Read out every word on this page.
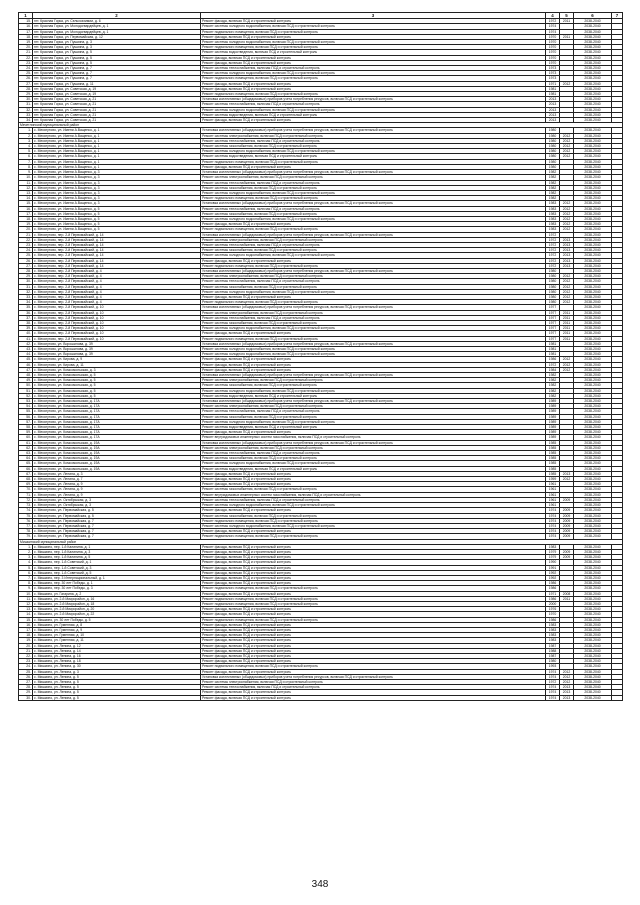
1	2	3	4	5	6	7
15.	пгт. Красная Горка, ул. Сельхозхимии, д. 6	Ремонт фасада, включая ПСД и строительный контроль	1972	2011	2038-2040	
16.	пгт. Красная Горка, ул. Молодогвардейцев, д. 1	Ремонт системы холодного водоснабжения, включая ПСД и строительный контроль	1974		2038-2040	
17.	пгт. Красная Горка, ул. Молодогвардейцев, д. 1	Ремонт подвального помещения, включая ПСД и строительный контроль	1974		2038-2040	
18.	пгт. Красная Горка, ул. Первомайская, д. 12	Ремонт фасада, включая ПСД и строительный контроль	1970	2011	2038-2040	
19.	пгт. Красная Горка, ул. Пушкина, д. 3	Ремонт системы холодного водоснабжения, включая ПСД и строительный контроль	1970		2038-2040	
20.	пгт. Красная Горка, ул. Пушкина, д. 3	Ремонт подвального помещения, включая ПСД и строительный контроль	1970		2038-2040	
21.	пгт. Красная Горка, ул. Пушкина, д. 5	Ремонт системы водоотведения, включая ПСД и строительный контроль	1970		2038-2040	
22.	пгт. Красная Горка, ул. Пушкина, д. 5	Ремонт фасада, включая ПСД и строительный контроль	1970		2038-2040	
23.	пгт. Красная Горка, ул. Пушкина, д. 5	Ремонт фасада, включая ПСД и строительный контроль	1970		2038-2040	
24.	пгт. Красная Горка, ул. Пушкина, д. 7	Ремонт системы теплоснабжения, включая ПСД и строительный контроль	1973		2038-2040	
25.	пгт. Красная Горка, ул. Пушкина, д. 7	Ремонт системы холодного водоснабжения, включая ПСД и строительный контроль	1973		2038-2040	
26.	пгт. Красная Горка, ул. Пушкина, д. 7	Ремонт подвального помещения, включая ПСД и строительный контроль	1973		2038-2040	
27.	пгт. Красная Горка, ул. Пушкина, д. 11	Ремонт фасада, включая ПСД и строительный контроль	1971	2012	2038-2040	
28.	пгт. Красная Горка, ул. Советская, д. 19	Ремонт фасада, включая ПСД и строительный контроль	1981		2038-2040	
29.	пгт. Красная Горка, ул. Советская, д. 19	Ремонт подвального помещения, включая ПСД и строительный контроль	1981		2038-2040	
30.	пгт. Красная Горка, ул. Советская, д. 21	Установка коллективных (общедомовых) приборов учета потребления ресурсов, включая ПСД и строительный контроль	2013		2038-2040	
31.	пгт. Красная Горка, ул. Советская, д. 21	Ремонт системы теплоснабжения, включая ПСД и строительный контроль	2013		2038-2040	
32.	пгт. Красная Горка, ул. Советская, д. 21	Ремонт системы холодного водоснабжения, включая ПСД и строительный контроль	2013		2038-2040	
33.	пгт. Красная Горка, ул. Советская, д. 21	Ремонт системы водоотведения, включая ПСД и строительный контроль	2013		2038-2040	
34.	пгт. Красная Горка, ул. Советская, д. 21	Ремонт фасада, включая ПСД и строительный контроль	2013		2038-2040	
Мечетлинский муниципальный район						
1.	с. Месягутово, ул. Имени А.Ващенко, д. 1	Установка коллективных (общедомовых) приборов учета потребления ресурсов, включая ПСД и строительный контроль	1980		2038-2040	
2.	с. Месягутово, ул. Имени А.Ващенко, д. 1	Ремонт системы электроснабжения, включая ПСД и строительный контроль	1980	2012	2038-2040	
3.	с. Месягутово, ул. Имени А.Ващенко, д. 1	Ремонт системы теплоснабжения, включая ПСД и строительный контроль	1980	2012	2038-2040	
4.	с. Месягутово, ул. Имени А.Ващенко, д. 1	Ремонт системы газоснабжения, включая ПСД и строительный контроль	1980	2012	2038-2040	
5.	с. Месягутово, ул. Имени А.Ващенко, д. 1	Ремонт системы холодного водоснабжения, включая ПСД и строительный контроль	1980	2012	2038-2040	
6.	с. Месягутово, ул. Имени А.Ващенко, д. 1	Ремонт системы водоотведения, включая ПСД и строительный контроль	1980	2012	2038-2040	
7.	с. Месягутово, ул. Имени А.Ващенко, д. 1	Ремонт подвального помещения, включая ПСД и строительный контроль	1980		2038-2040	
8.	с. Месягутово, ул. Имени А.Ващенко, д. 1	Ремонт фасада, включая ПСД и строительный контроль	1980		2038-2040	
9.	с. Месягутово, ул. Имени А.Ващенко, д. 3	Установка коллективных (общедомовых) приборов учета потребления ресурсов, включая ПСД и строительный контроль	1982		2038-2040	
10.	с. Месягутово, ул. Имени А.Ващенко, д. 3	Ремонт системы электроснабжения, включая ПСД и строительный контроль	1982		2038-2040	
11.	с. Месягутово, ул. Имени А.Ващенко, д. 3	Ремонт системы теплоснабжения, включая ПСД и строительный контроль	1982		2038-2040	
12.	с. Месягутово, ул. Имени А.Ващенко, д. 3	Ремонт системы газоснабжения, включая ПСД и строительный контроль	1982		2038-2040	
13.	с. Месягутово, ул. Имени А.Ващенко, д. 3	Ремонт системы холодного водоснабжения, включая ПСД и строительный контроль	1982		2038-2040	
14.	с. Месягутово, ул. Имени А.Ващенко, д. 3	Ремонт подвального помещения, включая ПСД и строительный контроль	1982		2038-2040	
15.	с. Месягутово, ул. Имени А.Ващенко, д. 3	Установка коллективных (общедомовых) приборов учета потребления ресурсов, включая ПСД и строительный контроль	1983	2012	2038-2040	
16.	с. Месягутово, ул. Имени А.Ващенко, д. 5	Ремонт системы теплоснабжения, включая ПСД и строительный контроль	1983	2012	2038-2040	
17.	с. Месягутово, ул. Имени А.Ващенко, д. 5	Ремонт системы газоснабжения, включая ПСД и строительный контроль	1983	2012	2038-2040	
18.	с. Месягутово, ул. Имени А.Ващенко, д. 5	Ремонт системы холодного водоснабжения, включая ПСД и строительный контроль	1983	2012	2038-2040	
19.	с. Месягутово, ул. Имени А.Ващенко, д. 5	Ремонт фасада, включая ПСД и строительный контроль	1983	2012	2038-2040	
20.	с. Месягутово, ул. Имени А.Ващенко, д. 5	Ремонт подвального помещения, включая ПСД и строительный контроль	1983	2012	2038-2040	
21.	с. Месягутово, пер. 2-й Первомайский, д. 14	Установка коллективных (общедомовых) приборов учета потребления ресурсов, включая ПСД и строительный контроль	1972		2038-2040	
22.	с. Месягутово, пер. 2-й Первомайский, д. 14	Ремонт системы электроснабжения, включая ПСД и строительный контроль	1972	2013	2038-2040	
23.	с. Месягутово, пер. 2-й Первомайский, д. 14	Ремонт системы теплоснабжения, включая ПСД и строительный контроль	1972	2013	2038-2040	
24.	с. Месягутово, пер. 2-й Первомайский, д. 14	Ремонт системы газоснабжения, включая ПСД и строительный контроль	1972	2013	2038-2040	
25.	с. Месягутово, пер. 2-й Первомайский, д. 14	Ремонт системы холодного водоснабжения, включая ПСД и строительный контроль	1972	2013	2038-2040	
26.	с. Месягутово, пер. 2-й Первомайский, д. 14	Ремонт фасада, включая ПСД и строительный контроль	1972	2013	2038-2040	
27.	с. Месягутово, пер. 2-й Первомайский, д. 14	Ремонт подвального помещения, включая ПСД и строительный контроль	1972	2013	2038-2040	
28.	с. Месягутово, пер. 2-й Первомайский, д. 4	Установка коллективных (общедомовых) приборов учета потребления ресурсов, включая ПСД и строительный контроль	1980		2038-2040	
29.	с. Месягутово, пер. 2-й Первомайский, д. 4	Ремонт системы электроснабжения, включая ПСД и строительный контроль	1980	2012	2038-2040	
30.	с. Месягутово, пер. 2-й Первомайский, д. 4	Ремонт системы теплоснабжения, включая ПСД и строительный контроль	1980	2012	2038-2040	
31.	с. Месягутово, пер. 2-й Первомайский, д. 4	Ремонт системы газоснабжения, включая ПСД и строительный контроль	1980	2012	2038-2040	
32.	с. Месягутово, пер. 2-й Первомайский, д. 4	Ремонт системы холодного водоснабжения, включая ПСД и строительный контроль	1980	2012	2038-2040	
33.	с. Месягутово, пер. 2-й Первомайский, д. 4	Ремонт фасада, включая ПСД и строительный контроль	1980	2012	2038-2040	
34.	с. Месягутово, пер. 2-й Первомайский, д. 4	Ремонт подвального помещения, включая ПСД и строительный контроль	1980	2012	2038-2040	
35.	с. Месягутово, пер. 2-й Первомайский, д. 10	Установка коллективных (общедомовых) приборов учета потребления ресурсов, включая ПСД и строительный контроль	1977		2038-2040	
36.	с. Месягутово, пер. 2-й Первомайский, д. 10	Ремонт системы электроснабжения, включая ПСД и строительный контроль	1977	2011	2038-2040	
37.	с. Месягутово, пер. 2-й Первомайский, д. 10	Ремонт системы теплоснабжения, включая ПСД и строительный контроль	1977	2011	2038-2040	
38.	с. Месягутово, пер. 2-й Первомайский, д. 10	Ремонт системы газоснабжения, включая ПСД и строительный контроль	1977	2011	2038-2040	
39.	с. Месягутово, пер. 2-й Первомайский, д. 10	Ремонт системы холодного водоснабжения, включая ПСД и строительный контроль	1977	2011	2038-2040	
40.	с. Месягутово, пер. 2-й Первомайский, д. 10	Ремонт фасада, включая ПСД и строительный контроль	1977	2011	2038-2040	
41.	с. Месягутово, пер. 2-й Первомайский, д. 10	Ремонт подвального помещения, включая ПСД и строительный контроль	1977	2011	2038-2040	
42.	с. Месягутово, ул. Ворошилова, д. 39	Установка коллективных (общедомовых) приборов учета потребления ресурсов, включая ПСД и строительный контроль	1981		2038-2040	
43.	с. Месягутово, ул. Ворошилова, д. 39	Ремонт системы холодного водоснабжения, включая ПСД и строительный контроль	1981		2038-2040	
44.	с. Месягутово, ул. Ворошилова, д. 39	Ремонт системы холодного водоснабжения, включая ПСД и строительный контроль	1981		2038-2040	
45.	с. Месягутово, ул. Кирова, д. 9	Ремонт фасада, включая ПСД и строительный контроль	1986	2012	2038-2040	
46.	с. Месягутово, ул. Кирова, д. 11	Ремонт фасада, включая ПСД и строительный контроль	1972	2012	2038-2040	
47.	с. Месягутово, ул. Комсомольская, д. 3	Ремонт фасада, включая ПСД и строительный контроль	1984	2012	2038-2040	
48.	с. Месягутово, ул. Комсомольская, д. 5	Установка коллективных (общедомовых) приборов учета потребления ресурсов, включая ПСД и строительный контроль	1982		2038-2040	
49.	с. Месягутово, ул. Комсомольская, д. 5	Ремонт системы электроснабжения, включая ПСД и строительный контроль	1982		2038-2040	
50.	с. Месягутово, ул. Комсомольская, д. 5	Ремонт системы газоснабжения, включая ПСД и строительный контроль	1982		2038-2040	
51.	с. Месягутово, ул. Комсомольская, д. 5	Ремонт системы холодного водоснабжения, включая ПСД и строительный контроль	1982		2038-2040	
52.	с. Месягутово, ул. Комсомольская, д. 5	Ремонт системы водоотведения, включая ПСД и строительный контроль	1982		2038-2040	
53.	с. Месягутово, ул. Комсомольская, д. 17А	Установка коллективных (общедомовых) приборов учета потребления ресурсов, включая ПСД и строительный контроль	1989		2038-2040	
54.	с. Месягутово, ул. Комсомольская, д. 17А	Ремонт системы электроснабжения, включая ПСД и строительный контроль	1989		2038-2040	
55.	с. Месягутово, ул. Комсомольская, д. 17А	Ремонт системы теплоснабжения, включая ПСД и строительный контроль	1989		2038-2040	
56.	с. Месягутово, ул. Комсомольская, д. 17А	Ремонт системы газоснабжения, включая ПСД и строительный контроль	1989		2038-2040	
57.	с. Месягутово, ул. Комсомольская, д. 17А	Ремонт системы холодного водоснабжения, включая ПСД и строительный контроль	1989		2038-2040	
58.	с. Месягутово, ул. Комсомольская, д. 17А	Ремонт системы водоотведения, включая ПСД и строительный контроль	1989		2038-2040	
59.	с. Месягутово, ул. Комсомольская, д. 17А	Ремонт фасада, включая ПСД и строительный контроль	1989		2038-2040	
60.	с. Месягутово, ул. Комсомольская, д. 17А	Ремонт внутридомовых инженерных систем газоснабжения, включая ПСД и строительный контроль	1989		2038-2040	
61.	с. Месягутово, ул. Комсомольская, д. 19А	Установка коллективных (общедомовых) приборов учета потребления ресурсов, включая ПСД и строительный контроль	1985		2038-2040	
62.	с. Месягутово, ул. Комсомольская, д. 19А	Ремонт системы электроснабжения, включая ПСД и строительный контроль	1985		2038-2040	
63.	с. Месягутово, ул. Комсомольская, д. 19А	Ремонт системы теплоснабжения, включая ПСД и строительный контроль	1985		2038-2040	
64.	с. Месягутово, ул. Комсомольская, д. 19А	Ремонт системы газоснабжения, включая ПСД и строительный контроль	1985		2038-2040	
65.	с. Месягутово, ул. Комсомольская, д. 19А	Ремонт системы холодного водоснабжения, включая ПСД и строительный контроль	1985		2038-2040	
66.	с. Месягутово, ул. Комсомольская, д. 19А	Ремонт системы водоотведения, включая ПСД и строительный контроль	1985		2038-2040	
67.	с. Месягутово, ул. Ленина, д. 3	Ремонт фасада, включая ПСД и строительный контроль	1985	2013	2038-2040	
68.	с. Месягутово, ул. Ленина, д. 7	Ремонт фасада, включая ПСД и строительный контроль	1959	2012	2038-2040	
69.	с. Месягутово, ул. Ленина, д. 9	Ремонт фасада, включая ПСД и строительный контроль	1961		2038-2040	
70.	с. Месягутово, ул. Ленина, д. 9	Ремонт системы газоснабжения, включая ПСД и строительный контроль	1961		2038-2040	
71.	с. Месягутово, ул. Ленина, д. 9	Ремонт внутридомовых инженерных систем газоснабжения, включая ПСД и строительный контроль	1961		2038-2040	
72.	с. Месягутово, ул. Октябрьская, д. 3	Ремонт системы теплоснабжения, включая ПСД и строительный контроль	1961	2009	2038-2040	
73.	с. Месягутово, ул. Октябрьская, д. 3	Ремонт системы холодного водоснабжения, включая ПСД и строительный контроль	1961		2038-2040	
74.	с. Месягутово, ул. Первомайская, д. 5	Ремонт фасада, включая ПСД и строительный контроль	1974	2009	2038-2040	
75.	с. Месягутово, ул. Первомайская, д. 5	Ремонт системы газоснабжения, включая ПСД и строительный контроль	1974	2009	2038-2040	
76.	с. Месягутово, ул. Первомайская, д. 7	Ремонт подвального помещения, включая ПСД и строительный контроль	1974	2009	2038-2040	
77.	с. Месягутово, ул. Первомайская, д. 7	Ремонт системы холодного водоснабжения, включая ПСД и строительный контроль	1974	2009	2038-2040	
78.	с. Месягутово, ул. Первомайская, д. 7	Ремонт фасада, включая ПСД и строительный контроль	1974	2009	2038-2040	
79.	с. Месягутово, ул. Первомайская, д. 7	Ремонт подвального помещения, включая ПСД и строительный контроль	1974	2009	2038-2040	
Мишкинский муниципальный район						
1.	с. Мишкино, пер. 1-й Калинина, д. 1	Ремонт фасада, включая ПСД и строительный контроль	1983		2038-2040	
2.	с. Мишкино, пер. 1-й Калинина, д. 3	Ремонт фасада, включая ПСД и строительный контроль	1979	2009	2038-2040	
3.	с. Мишкино, пер. 1-й Калинина, д. 5	Ремонт фасада, включая ПСД и строительный контроль	1979	2009	2038-2040	
4.	с. Мишкино, пер. 1-й Советский, д. 1	Ремонт фасада, включая ПСД и строительный контроль	1990		2038-2040	
5.	с. Мишкино, пер. 1-й Советский, д. 3	Ремонт фасада, включая ПСД и строительный контроль	1991		2038-2040	
6.	с. Мишкино, пер. 1-й Советский, д. 5	Ремонт фасада, включая ПСД и строительный контроль	1992		2038-2040	
7.	с. Мишкино, пер. 3 Интернациональный, д. 1	Ремонт фасада, включая ПСД и строительный контроль	1992		2038-2040	
8.	с. Мишкино, пер. 30 лет Победы, д. 1	Ремонт фасада, включая ПСД и строительный контроль	1986		2038-2040	
9.	с. Мишкино, пер. 30 лет Победы, д. 3	Ремонт подвального помещения, включая ПСД и строительный контроль	1986		2038-2040	
10.	с. Мишкино, ул. Гагарина, д. 2	Ремонт фасада, включая ПСД и строительный контроль	1971	2008	2038-2040	
11.	с. Мишкино, ул. 2-й Микрорайон, д. 16	Ремонт подвального помещения, включая ПСД и строительный контроль	1986	2011	2038-2040	
12.	с. Мишкино, ул. 2-й Микрорайон, д. 18	Ремонт подвального помещения, включая ПСД и строительный контроль	2000		2038-2040	
13.	с. Мишкино, ул. 2-й Микрорайон, д. 20	Ремонт фасада, включая ПСД и строительный контроль	1976		2038-2040	
14.	с. Мишкино, ул. 2-й Микрорайон, д. 22	Ремонт фасада, включая ПСД и строительный контроль	1970		2038-2040	
15.	с. Мишкино, ул. 30 лет Победы, д. 5	Ремонт подвального помещения, включая ПСД и строительный контроль	1986		2038-2040	
16.	с. Мишкино, ул. Гуменная, д. 8	Ремонт фасада, включая ПСД и строительный контроль	1983		2038-2040	
17.	с. Мишкино, ул. Гуменная, д. 9	Ремонт фасада, включая ПСД и строительный контроль	1983		2038-2040	
18.	с. Мишкино, ул. Гуменная, д. 10	Ремонт фасада, включая ПСД и строительный контроль	1983		2038-2040	
19.	с. Мишкино, ул. Гуменная, д. 11	Ремонт фасада, включая ПСД и строительный контроль	1983		2038-2040	
20.	с. Мишкино, ул. Ленина, д. 12	Ремонт фасада, включая ПСД и строительный контроль	1987		2038-2040	
21.	с. Мишкино, ул. Ленина, д. 14	Ремонт фасада, включая ПСД и строительный контроль	1988		2038-2040	
22.	с. Мишкино, ул. Ленина, д. 16	Ремонт фасада, включая ПСД и строительный контроль	1987		2038-2040	
23.	с. Мишкино, ул. Ленина, д. 18	Ремонт фасада, включая ПСД и строительный контроль	1980		2038-2040	
24.	с. Мишкино, ул. Ленина, д. 30	Ремонт подвального помещения, включая ПСД и строительный контроль	1993		2038-2040	
25.	с. Мишкино, ул. Ленина, д. 3	Ремонт фасада, включая ПСД и строительный контроль	1974	2012	2038-2040	
26.	с. Мишкино, ул. Ленина, д. 5	Установка коллективных (общедомовых) приборов учета потребления ресурсов, включая ПСД и строительный контроль	1974	2012	2038-2040	
27.	с. Мишкино, ул. Ленина, д. 5	Ремонт системы электроснабжения, включая ПСД и строительный контроль	1972	2012	2038-2040	
28.	с. Мишкино, ул. Ленина, д. 5	Ремонт системы теплоснабжения, включая ПСД и строительный контроль	1974	2013	2038-2040	
29.	с. Мишкино, ул. Ленина, д. 5	Ремонт фасада, включая ПСД и строительный контроль	1974	2013	2038-2040	
30.	с. Мишкино, ул. Ленина, д. 5	Ремонт фасада, включая ПСД и строительный контроль	1974	2013	2038-2040	
348
